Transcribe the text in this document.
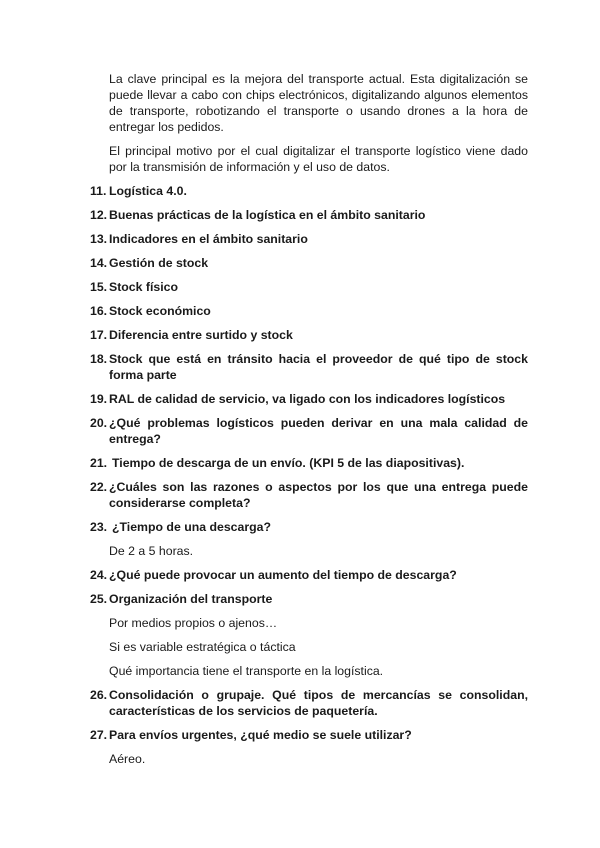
La clave principal es la mejora del transporte actual. Esta digitalización se puede llevar a cabo con chips electrónicos, digitalizando algunos elementos de transporte, robotizando el transporte o usando drones a la hora de entregar los pedidos.

El principal motivo por el cual digitalizar el transporte logístico viene dado por la transmisión de información y el uso de datos.

11. Logística 4.0.
12. Buenas prácticas de la logística en el ámbito sanitario
13. Indicadores en el ámbito sanitario
14. Gestión de stock
15. Stock físico
16. Stock económico
17. Diferencia entre surtido y stock
18. Stock que está en tránsito hacia el proveedor de qué tipo de stock forma parte
19. RAL de calidad de servicio, va ligado con los indicadores logísticos
20. ¿Qué problemas logísticos pueden derivar en una mala calidad de entrega?
21. Tiempo de descarga de un envío. (KPI 5 de las diapositivas).
22. ¿Cuáles son las razones o aspectos por los que una entrega puede considerarse completa?
23. ¿Tiempo de una descarga?
De 2 a 5 horas.
24. ¿Qué puede provocar un aumento del tiempo de descarga?
25. Organización del transporte
Por medios propios o ajenos…
Si es variable estratégica o táctica
Qué importancia tiene el transporte en la logística.
26. Consolidación o grupaje. Qué tipos de mercancías se consolidan, características de los servicios de paquetería.
27. Para envíos urgentes, ¿qué medio se suele utilizar?
Aéreo.
